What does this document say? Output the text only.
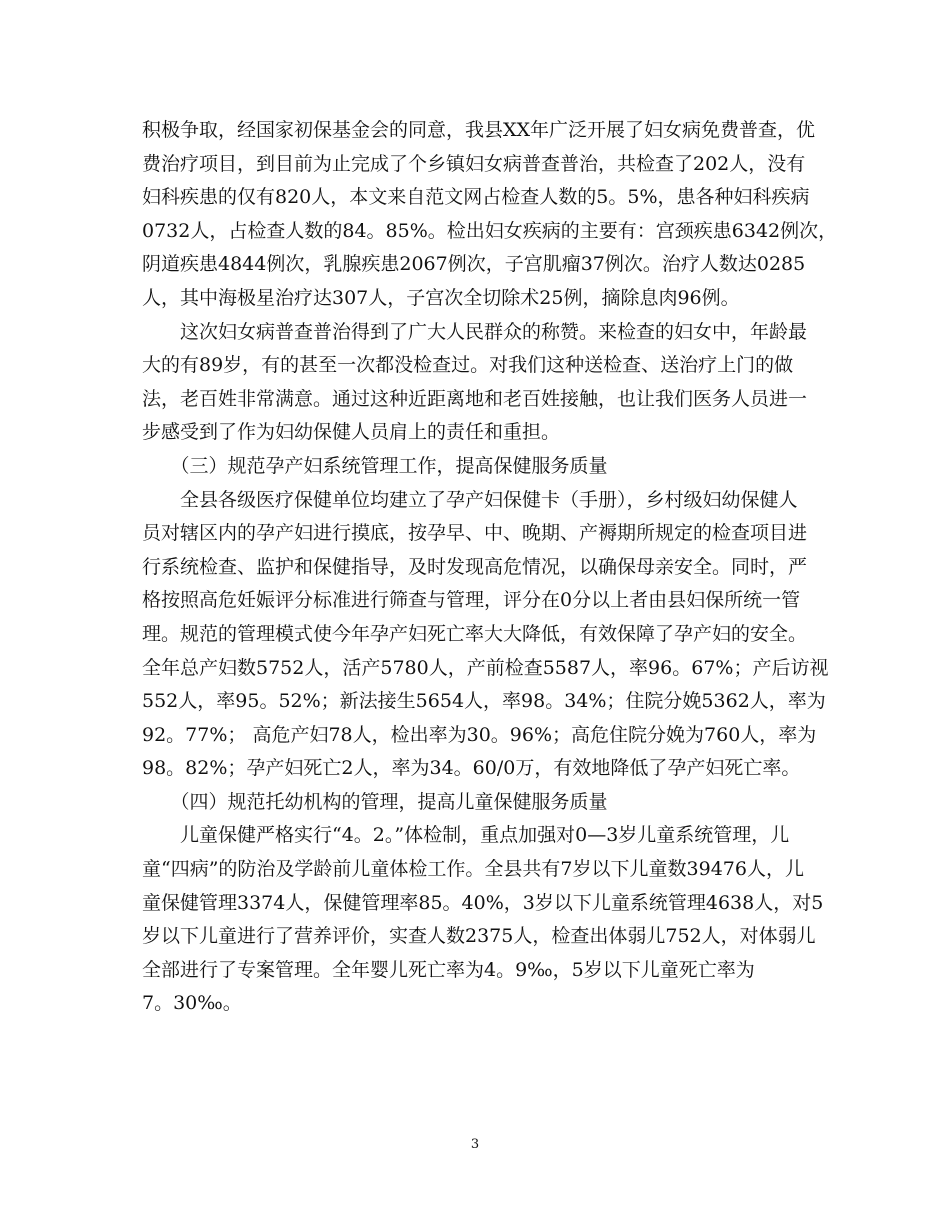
积极争取，经国家初保基金会的同意，我县XX年广泛开展了妇女病免费普查，优
费治疗项目，到目前为止完成了个乡镇妇女病普查普治，共检查了202人，没有
妇科疾患的仅有820人，本文来自范文网占检查人数的5。5%，患各种妇科疾病
0732人，占检查人数的84。85%。检出妇女疾病的主要有：宫颈疾患6342例次，
阴道疾患4844例次，乳腺疾患2067例次，子宫肌瘤37例次。治疗人数达0285
人，其中海极星治疗达307人，子宫次全切除术25例，摘除息肉96例。
　　这次妇女病普查普治得到了广大人民群众的称赞。来检查的妇女中，年龄最
大的有89岁，有的甚至一次都没检查过。对我们这种送检查、送治疗上门的做
法，老百姓非常满意。通过这种近距离地和老百姓接触，也让我们医务人员进一
步感受到了作为妇幼保健人员肩上的责任和重担。
　　（三）规范孕产妇系统管理工作，提高保健服务质量
　　全县各级医疗保健单位均建立了孕产妇保健卡（手册），乡村级妇幼保健人
员对辖区内的孕产妇进行摸底，按孕早、中、晚期、产褥期所规定的检查项目进
行系统检查、监护和保健指导，及时发现高危情况，以确保母亲安全。同时，严
格按照高危妊娠评分标准进行筛查与管理，评分在0分以上者由县妇保所统一管
理。规范的管理模式使今年孕产妇死亡率大大降低，有效保障了孕产妇的安全。
全年总产妇数5752人，活产5780人，产前检查5587人，率96。67%；产后访视
552人，率95。52%；新法接生5654人，率98。34%；住院分娩5362人，率为
92。77%； 高危产妇78人，检出率为30。96%；高危住院分娩为760人，率为
98。82%；孕产妇死亡2人，率为34。60/0万，有效地降低了孕产妇死亡率。
　　（四）规范托幼机构的管理，提高儿童保健服务质量
　　儿童保健严格实行“4。2。”体检制，重点加强对0—3岁儿童系统管理，儿
童“四病”的防治及学龄前儿童体检工作。全县共有7岁以下儿童数39476人，儿
童保健管理3374人，保健管理率85。40%，3岁以下儿童系统管理4638人，对5
岁以下儿童进行了营养评价，实查人数2375人，检查出体弱儿752人，对体弱儿
全部进行了专案管理。全年婴儿死亡率为4。9‰，5岁以下儿童死亡率为
7。30‰。
3
